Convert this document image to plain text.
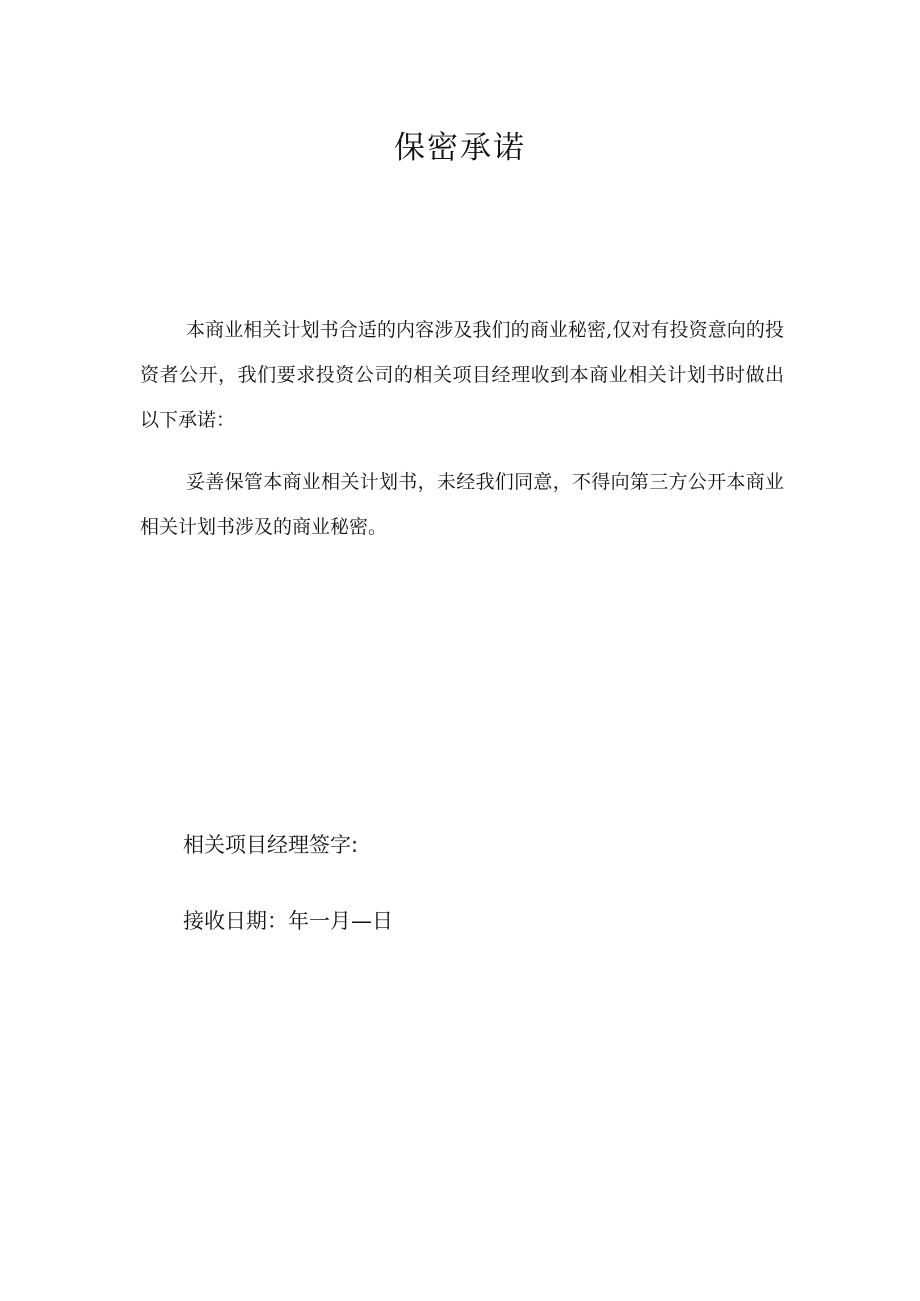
保密承诺

本商业相关计划书合适的内容涉及我们的商业秘密,仅对有投资意向的投资者公开，我们要求投资公司的相关项目经理收到本商业相关计划书时做出以下承诺：

妥善保管本商业相关计划书，未经我们同意，不得向第三方公开本商业相关计划书涉及的商业秘密。

相关项目经理签字:
接收日期：年一月—日
